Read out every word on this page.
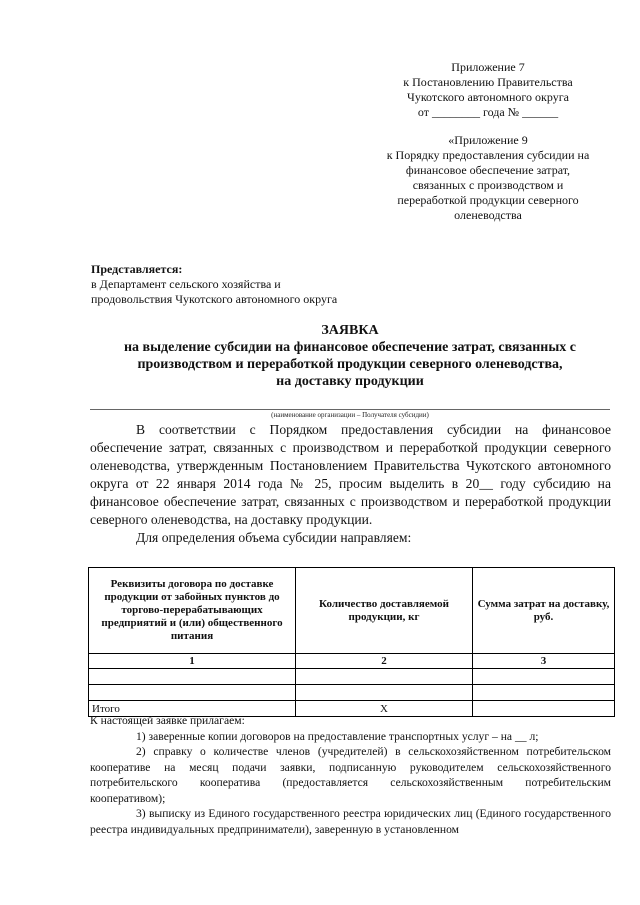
Приложение 7
к Постановлению Правительства
Чукотского автономного округа
от ________ года № ______
«Приложение 9
к Порядку предоставления субсидии на
финансовое обеспечение затрат,
связанных с производством и
переработкой продукции северного
оленеводства
Представляется:
в Департамент сельского хозяйства и
продовольствия Чукотского автономного округа
ЗАЯВКА
на выделение субсидии на финансовое обеспечение затрат, связанных с
производством и переработкой продукции северного оленеводства,
на доставку продукции
(наименование организации – Получателя субсидии)

В соответствии с Порядком предоставления субсидии на финансовое обеспечение затрат, связанных с производством и переработкой продукции северного оленеводства, утвержденным Постановлением Правительства Чукотского автономного округа от 22 января 2014 года № 25, просим выделить в 20__ году субсидию на финансовое обеспечение затрат, связанных с производством и переработкой продукции северного оленеводства, на доставку продукции.

Для определения объема субсидии направляем:

Реквизиты договора по доставке продукции от забойных пунктов до торгово-перерабатывающих предприятий и (или) общественного питания	Количество доставляемой продукции, кг	Сумма затрат на доставку, руб.
1	2	3

Итого	Х	

К настоящей заявке прилагаем:

1) заверенные копии договоров на предоставление транспортных услуг – на __ л;

2) справку о количестве членов (учредителей) в сельскохозяйственном потребительском кооперативе на месяц подачи заявки, подписанную руководителем сельскохозяйственного потребительского кооператива (предоставляется сельскохозяйственным потребительским кооперативом);

3) выписку из Единого государственного реестра юридических лиц (Единого государственного реестра индивидуальных предприниматели), заверенную в установленном
